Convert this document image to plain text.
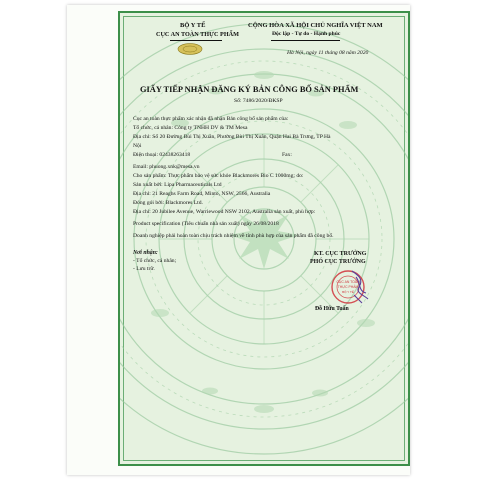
BỘ Y TẾ
CỤC AN TOÀN THỰC PHẨM
CỘNG HÒA XÃ HỘI CHỦ NGHĨA VIỆT NAM
Độc lập - Tự do - Hạnh phúc
Hà Nội, ngày 11 tháng 08 năm 2020
GIẤY TIẾP NHẬN ĐĂNG KÝ BẢN CÔNG BỐ SẢN PHẨM
Số: 7486/2020/ĐKSP
Cục an toàn thực phẩm xác nhận đã nhận Bản công bố sản phẩm của:
Tổ chức, cá nhân: Công ty TNHH DV & TM Mesa
Địa chỉ: Số 20 Đường Bùi Thị Xuân, Phường Bùi Thị Xuân, Quận Hai Bà Trưng, TP Hà
Nội
Điện thoại: 02438263418	Fax:
Email: phuong.xnk@mesa.vn
Cho sản phẩm: Thực phẩm bảo vệ sức khỏe Blackmores Bio C 1000mg; do:
Sản xuất bởi: Lipa Pharmaceuticals Ltd
Địa chỉ: 21 Reaghs Farm Road, Minto, NSW, 2566, Australia
Đóng gói bởi: Blackmores Ltd.
Địa chỉ: 20 Jubilee Avenue, Warriewood NSW 2102, Australia sản xuất, phù hợp:
Product specification (Tiêu chuẩn nhà sản xuất) ngày 26/08/2018
Doanh nghiệp phải hoàn toàn chịu trách nhiệm về tính phù hợp của sản phẩm đã công bố.
Nơi nhận:
- Tổ chức, cá nhân;
- Lưu trữ.
KT. CỤC TRƯỞNG
PHÓ CỤC TRƯỞNG
CỤC AN TOÀN
THỰC PHẨM
BỘ Y TẾ
Đỗ Hữu Tuấn
